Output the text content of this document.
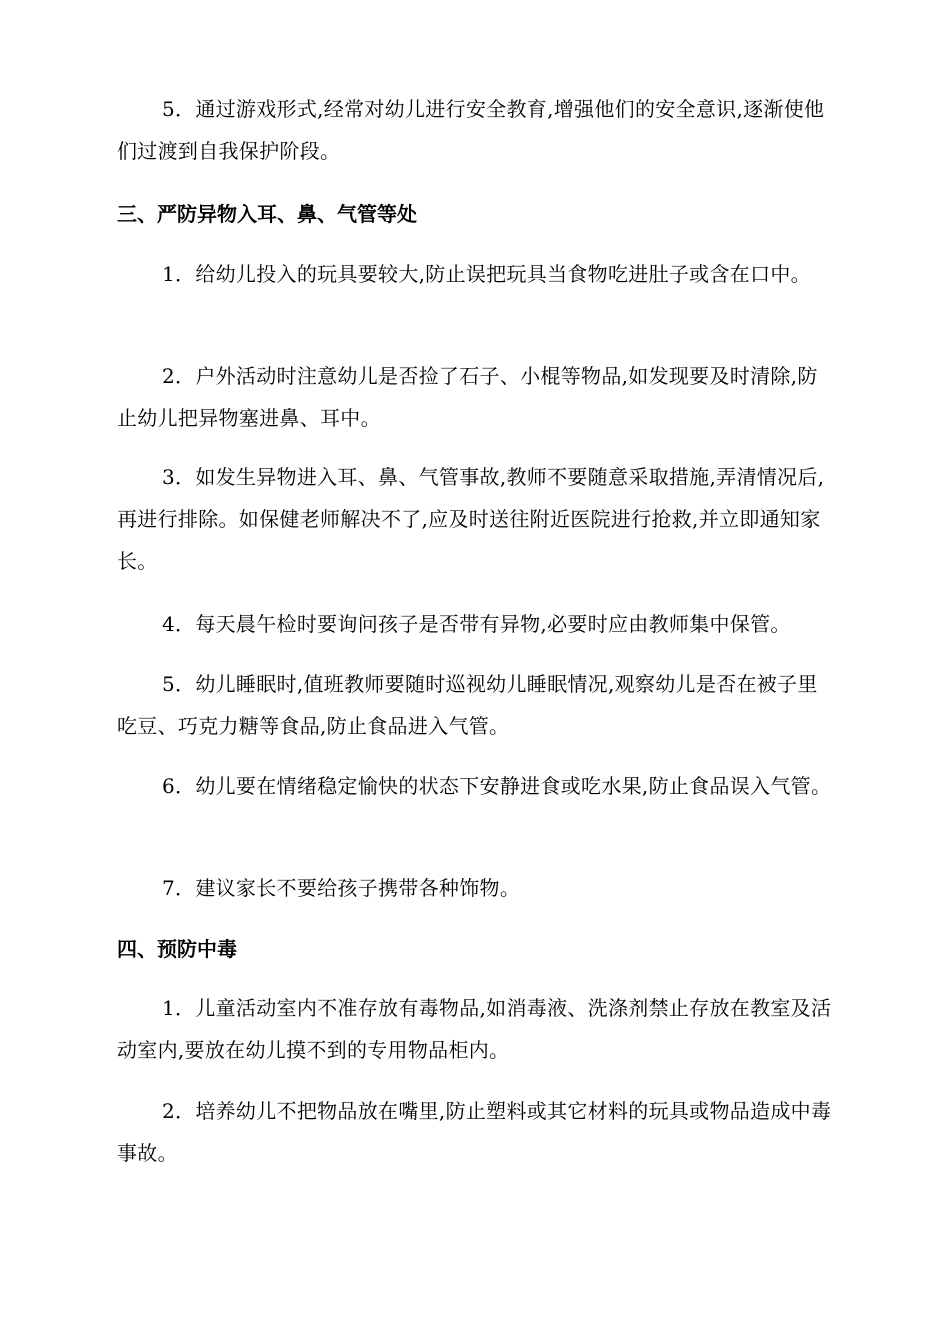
5．通过游戏形式,经常对幼儿进行安全教育,增强他们的安全意识,逐渐使他们过渡到自我保护阶段。

三、严防异物入耳、鼻、气管等处

1．给幼儿投入的玩具要较大,防止误把玩具当食物吃进肚子或含在口中。

2．户外活动时注意幼儿是否捡了石子、小棍等物品,如发现要及时清除,防止幼儿把异物塞进鼻、耳中。

3．如发生异物进入耳、鼻、气管事故,教师不要随意采取措施,弄清情况后,再进行排除。如保健老师解决不了,应及时送往附近医院进行抢救,并立即通知家长。

4．每天晨午检时要询问孩子是否带有异物,必要时应由教师集中保管。

5．幼儿睡眠时,值班教师要随时巡视幼儿睡眠情况,观察幼儿是否在被子里吃豆、巧克力糖等食品,防止食品进入气管。

6．幼儿要在情绪稳定愉快的状态下安静进食或吃水果,防止食品误入气管。

7．建议家长不要给孩子携带各种饰物。

四、预防中毒

1．儿童活动室内不准存放有毒物品,如消毒液、洗涤剂禁止存放在教室及活动室内,要放在幼儿摸不到的专用物品柜内。

2．培养幼儿不把物品放在嘴里,防止塑料或其它材料的玩具或物品造成中毒事故。
